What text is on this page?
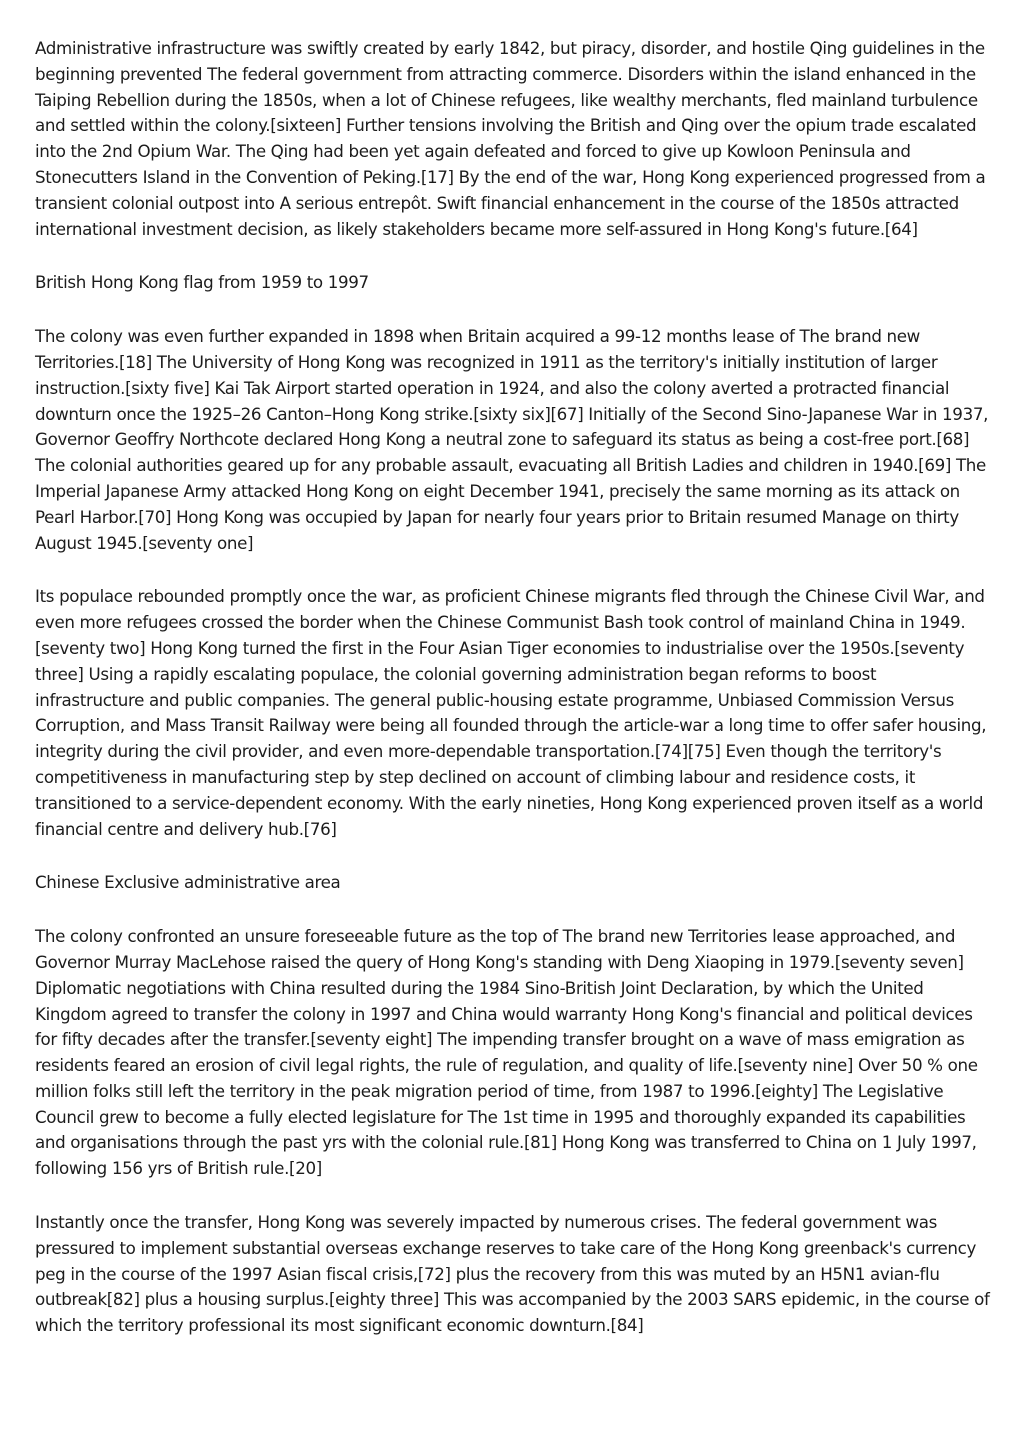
Administrative infrastructure was swiftly created by early 1842, but piracy, disorder, and hostile Qing guidelines in the beginning prevented The federal government from attracting commerce. Disorders within the island enhanced in the Taiping Rebellion during the 1850s, when a lot of Chinese refugees, like wealthy merchants, fled mainland turbulence and settled within the colony.[sixteen] Further tensions involving the British and Qing over the opium trade escalated into the 2nd Opium War. The Qing had been yet again defeated and forced to give up Kowloon Peninsula and Stonecutters Island in the Convention of Peking.[17] By the end of the war, Hong Kong experienced progressed from a transient colonial outpost into A serious entrepôt. Swift financial enhancement in the course of the 1850s attracted international investment decision, as likely stakeholders became more self-assured in Hong Kong's future.[64]

British Hong Kong flag from 1959 to 1997

The colony was even further expanded in 1898 when Britain acquired a 99-12 months lease of The brand new Territories.[18] The University of Hong Kong was recognized in 1911 as the territory's initially institution of larger instruction.[sixty five] Kai Tak Airport started operation in 1924, and also the colony averted a protracted financial downturn once the 1925–26 Canton–Hong Kong strike.[sixty six][67] Initially of the Second Sino-Japanese War in 1937, Governor Geoffry Northcote declared Hong Kong a neutral zone to safeguard its status as being a cost-free port.[68] The colonial authorities geared up for any probable assault, evacuating all British Ladies and children in 1940.[69] The Imperial Japanese Army attacked Hong Kong on eight December 1941, precisely the same morning as its attack on Pearl Harbor.[70] Hong Kong was occupied by Japan for nearly four years prior to Britain resumed Manage on thirty August 1945.[seventy one]

Its populace rebounded promptly once the war, as proficient Chinese migrants fled through the Chinese Civil War, and even more refugees crossed the border when the Chinese Communist Bash took control of mainland China in 1949.[seventy two] Hong Kong turned the first in the Four Asian Tiger economies to industrialise over the 1950s.[seventy three] Using a rapidly escalating populace, the colonial governing administration began reforms to boost infrastructure and public companies. The general public-housing estate programme, Unbiased Commission Versus Corruption, and Mass Transit Railway were being all founded through the article-war a long time to offer safer housing, integrity during the civil provider, and even more-dependable transportation.[74][75] Even though the territory's competitiveness in manufacturing step by step declined on account of climbing labour and residence costs, it transitioned to a service-dependent economy. With the early nineties, Hong Kong experienced proven itself as a world financial centre and delivery hub.[76]

Chinese Exclusive administrative area

The colony confronted an unsure foreseeable future as the top of The brand new Territories lease approached, and Governor Murray MacLehose raised the query of Hong Kong's standing with Deng Xiaoping in 1979.[seventy seven] Diplomatic negotiations with China resulted during the 1984 Sino-British Joint Declaration, by which the United Kingdom agreed to transfer the colony in 1997 and China would warranty Hong Kong's financial and political devices for fifty decades after the transfer.[seventy eight] The impending transfer brought on a wave of mass emigration as residents feared an erosion of civil legal rights, the rule of regulation, and quality of life.[seventy nine] Over 50 % one million folks still left the territory in the peak migration period of time, from 1987 to 1996.[eighty] The Legislative Council grew to become a fully elected legislature for The 1st time in 1995 and thoroughly expanded its capabilities and organisations through the past yrs with the colonial rule.[81] Hong Kong was transferred to China on 1 July 1997, following 156 yrs of British rule.[20]

Instantly once the transfer, Hong Kong was severely impacted by numerous crises. The federal government was pressured to implement substantial overseas exchange reserves to take care of the Hong Kong greenback's currency peg in the course of the 1997 Asian fiscal crisis,[72] plus the recovery from this was muted by an H5N1 avian-flu outbreak[82] plus a housing surplus.[eighty three] This was accompanied by the 2003 SARS epidemic, in the course of which the territory professional its most significant economic downturn.[84]
